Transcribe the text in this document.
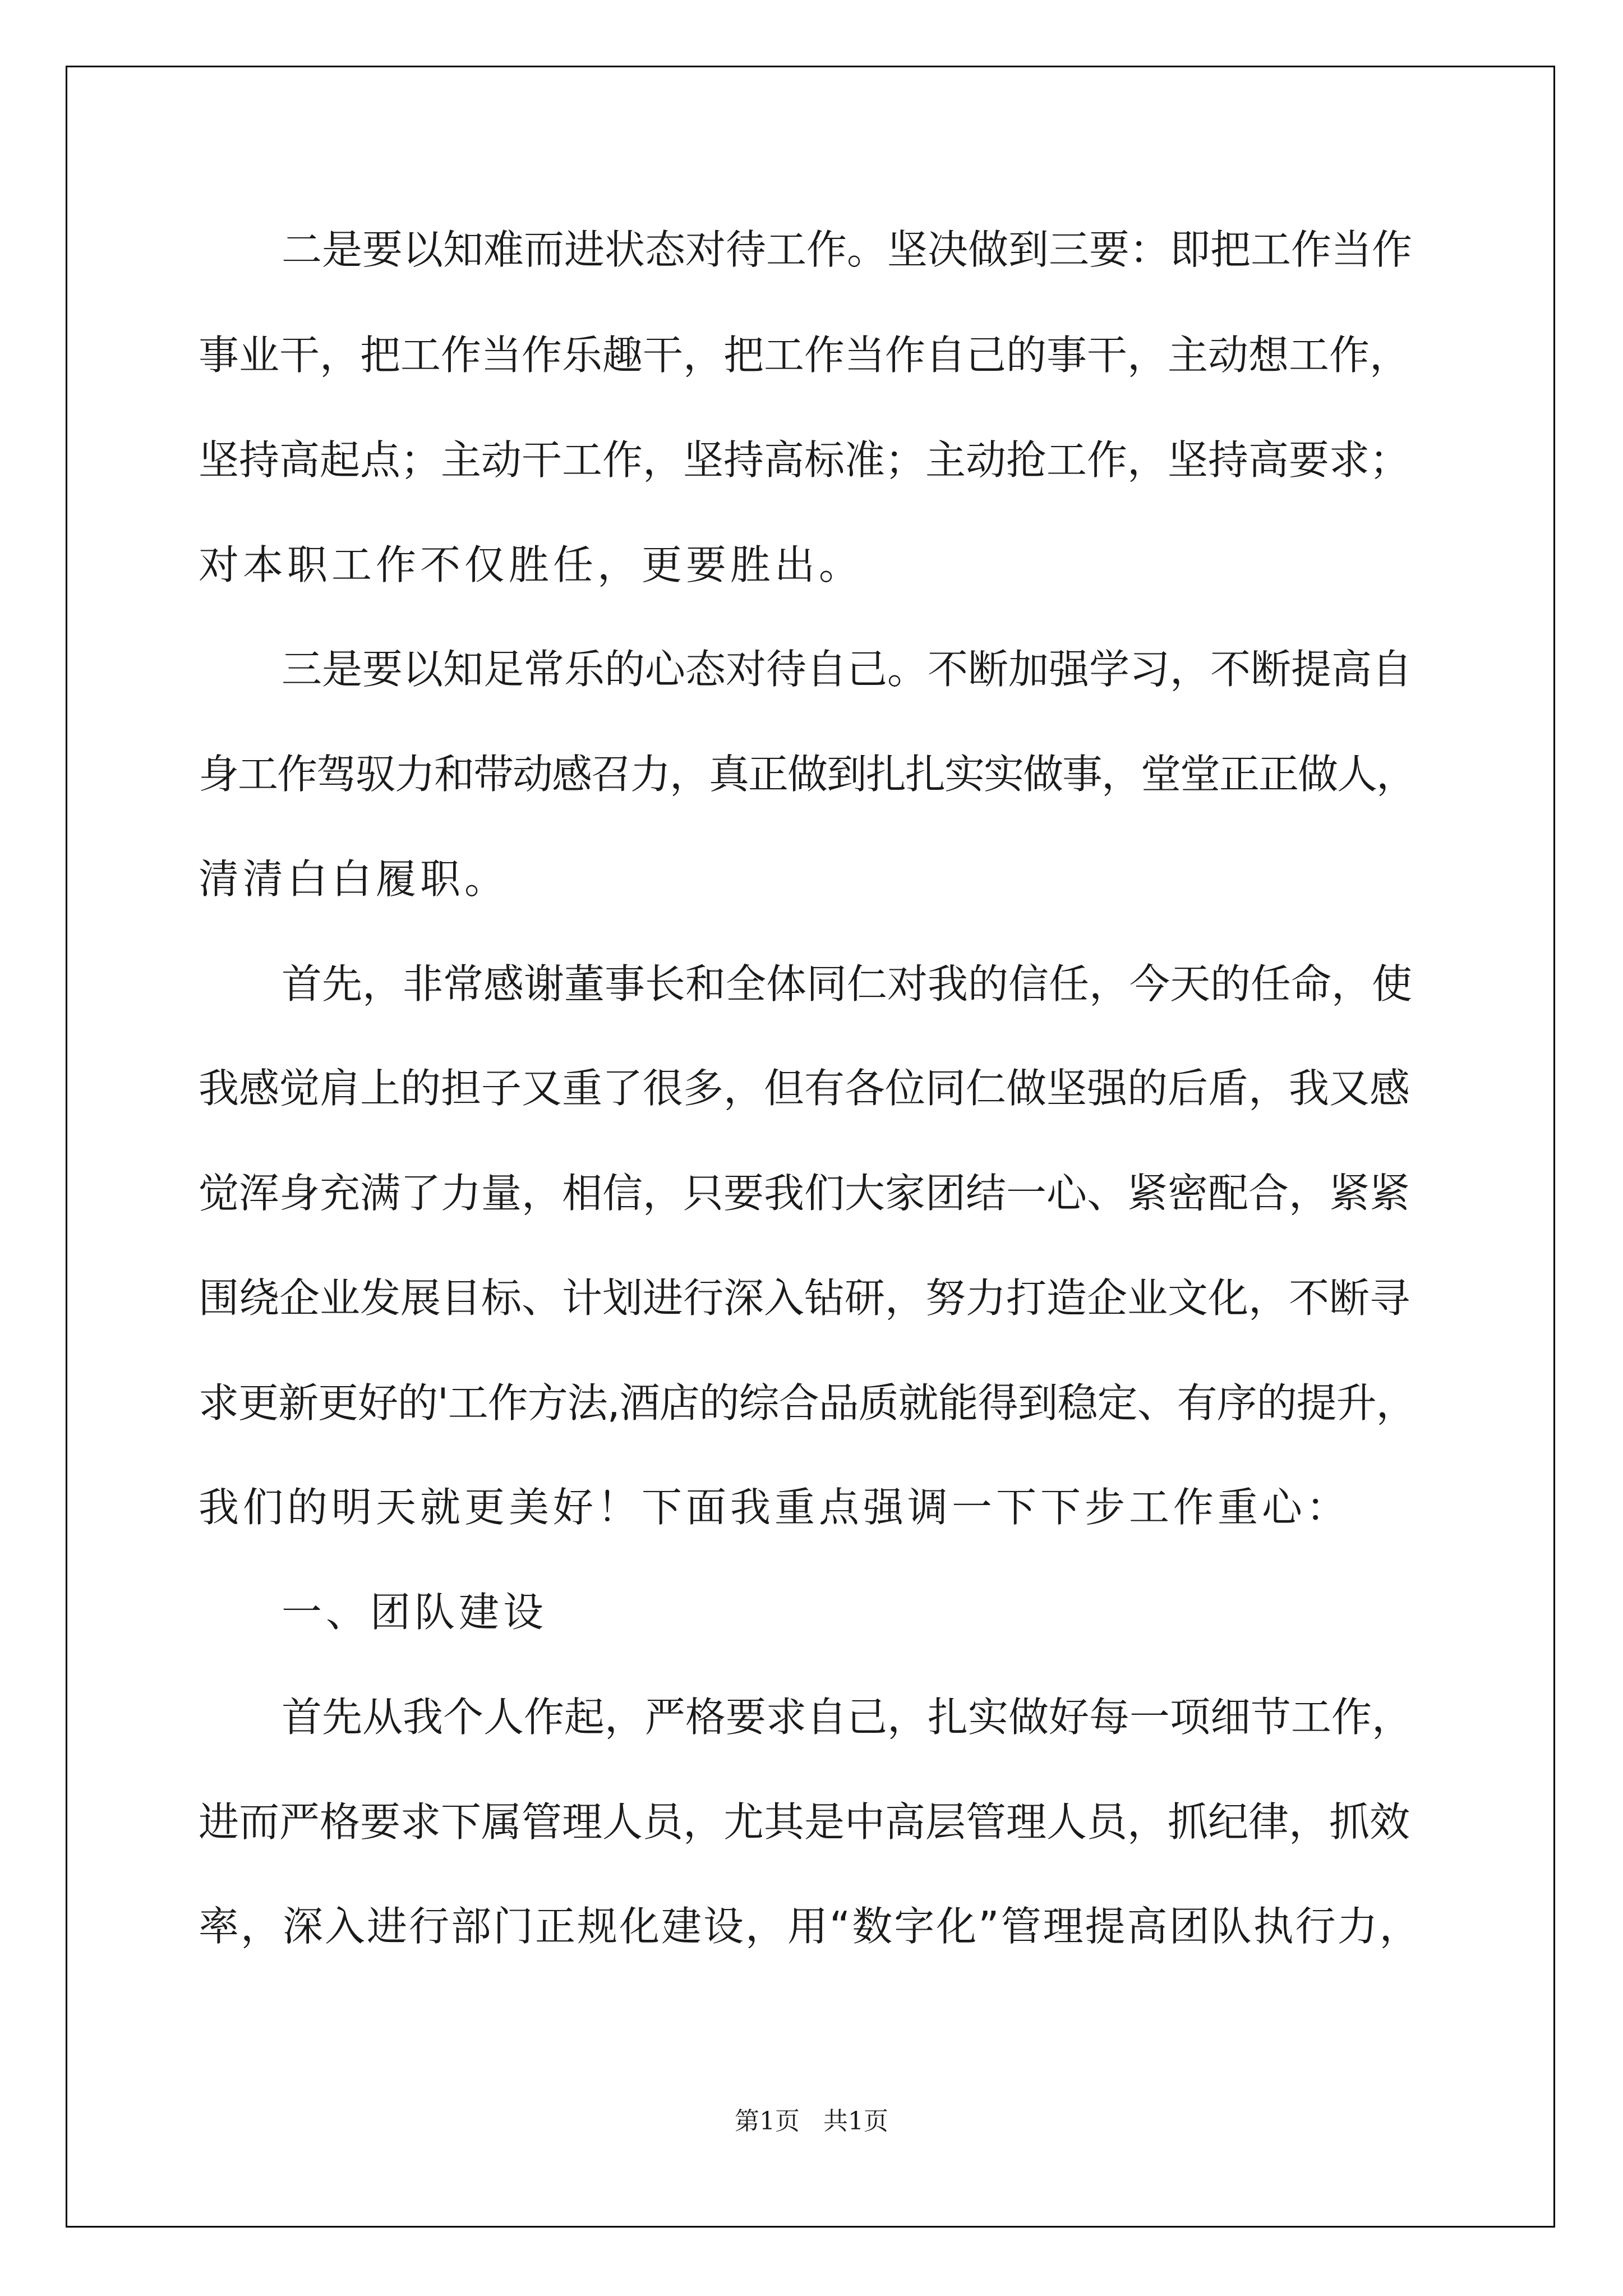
二是要以知难而进状态对待工作。坚决做到三要：即把工作当作
事业干，把工作当作乐趣干，把工作当作自己的事干，主动想工作，
坚持高起点；主动干工作，坚持高标准；主动抢工作，坚持高要求；
对本职工作不仅胜任，更要胜出。
三是要以知足常乐的心态对待自己。不断加强学习，不断提高自
身工作驾驭力和带动感召力，真正做到扎扎实实做事，堂堂正正做人，
清清白白履职。
首先，非常感谢董事长和全体同仁对我的信任，今天的任命，使
我感觉肩上的担子又重了很多，但有各位同仁做坚强的后盾，我又感
觉浑身充满了力量，相信，只要我们大家团结一心、紧密配合，紧紧
围绕企业发展目标、计划进行深入钻研，努力打造企业文化，不断寻
求更新更好的'工作方法,酒店的综合品质就能得到稳定、有序的提升，
我们的明天就更美好！下面我重点强调一下下步工作重心：
一、团队建设
首先从我个人作起，严格要求自己，扎实做好每一项细节工作，
进而严格要求下属管理人员，尤其是中高层管理人员，抓纪律，抓效
率，深入进行部门正规化建设，用“数字化”管理提高团队执行力，
第1页   共1页
